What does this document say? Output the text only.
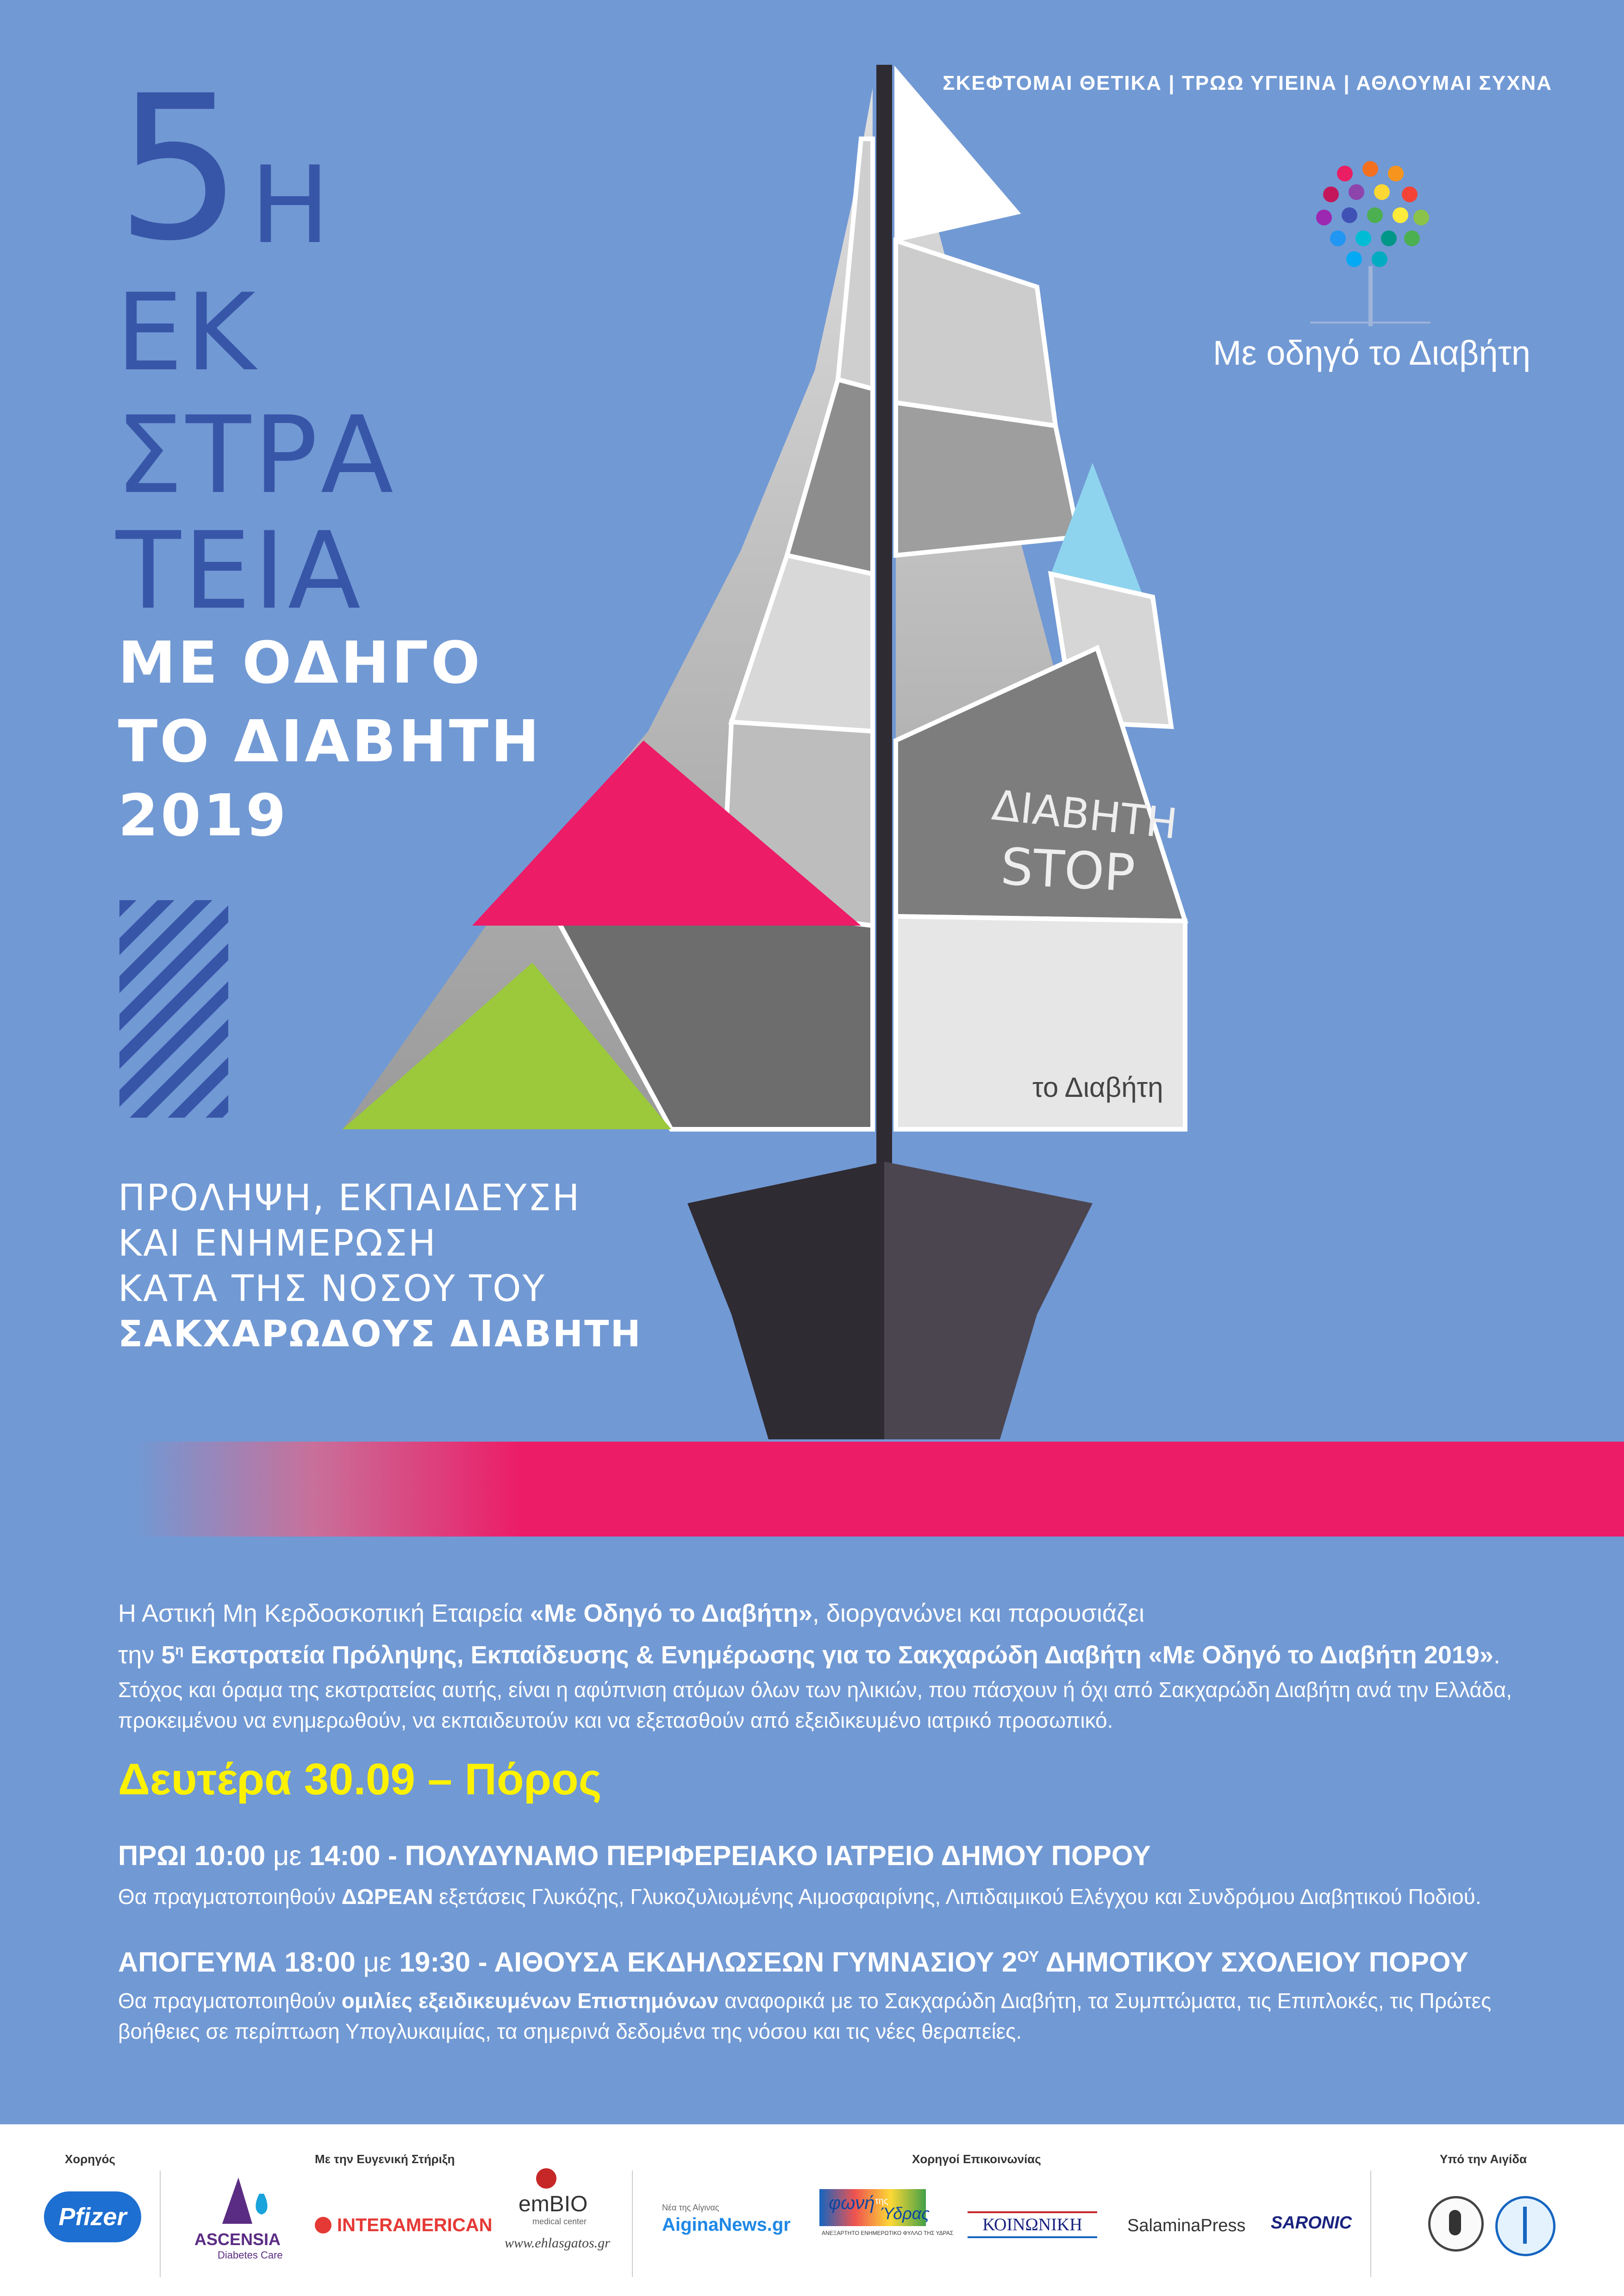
5 Η
ΕΚ
ΣΤΡΑ
ΤΕΙΑ
ΜΕ ΟΔΗΓΟ
ΤΟ ΔΙΑΒΗΤΗ
2019
ΠΡΟΛΗΨΗ, ΕΚΠΑΙΔΕΥΣΗ
ΚΑΙ ΕΝΗΜΕΡΩΣΗ
ΚΑΤΑ ΤΗΣ ΝΟΣΟΥ ΤΟΥ
ΣΑΚΧΑΡΩΔΟΥΣ ΔΙΑΒΗΤΗ
ΣΚΕΦΤΟΜΑΙ ΘΕΤΙΚΑ | ΤΡΩΩ ΥΓΙΕΙΝΑ | ΑΘΛΟΥΜΑΙ ΣΥΧΝΑ
Με οδηγό το Διαβήτη
ΔΙΑΒΗΤΗ
STOP
το Διαβήτη
Η Αστική Μη Κερδοσκοπική Εταιρεία «Με Οδηγό το Διαβήτη», διοργανώνει και παρουσιάζει
την $5^\eta$ Εκστρατεία Πρόληψης, Εκπαίδευσης & Ενημέρωσης για το Σακχαρώδη Διαβήτη «Με Οδηγό το Διαβήτη 2019».
Στόχος και όραμα της εκστρατείας αυτής, είναι η αφύπνιση ατόμων όλων των ηλικιών, που πάσχουν ή όχι από Σακχαρώδη Διαβήτη ανά την Ελλάδα, προκειμένου να ενημερωθούν, να εκπαιδευτούν και να εξετασθούν από εξειδικευμένο ιατρικό προσωπικό.
Δευτέρα 30.09 – Πόρος
ΠΡΩΙ 10:00 με 14:00 - ΠΟΛΥΔΥΝΑΜΟ ΠΕΡΙΦΕΡΕΙΑΚΟ ΙΑΤΡΕΙΟ ΔΗΜΟΥ ΠΟΡΟΥ
Θα πραγματοποιηθούν ΔΩΡΕΑΝ εξετάσεις Γλυκόζης, Γλυκοζυλιωμένης Αιμοσφαιρίνης, Λιπιδαιμικού Ελέγχου και Συνδρόμου Διαβητικού Ποδιού.
ΑΠΟΓΕΥΜΑ 18:00 με 19:30 - ΑΙΘΟΥΣΑ ΕΚΔΗΛΩΣΕΩΝ ΓΥΜΝΑΣΙΟΥ $2^{O\Upsilon}$ ΔΗΜΟΤΙΚΟΥ ΣΧΟΛΕΙΟΥ ΠΟΡΟΥ
Θα πραγματοποιηθούν ομιλίες εξειδικευμένων Επιστημόνων αναφορικά με το Σακχαρώδη Διαβήτη, τα Συμπτώματα, τις Επιπλοκές, τις Πρώτες βοήθειες σε περίπτωση Υπογλυκαιμίας, τα σημερινά δεδομένα της νόσου και τις νέες θεραπείες.
Χορηγός	Με την Ευγενική Στήριξη	Χορηγοί Επικοινωνίας	Υπό την Αιγίδα
Pfizer
ASCENSIA
Diabetes Care
INTERAMERICAN
emBIO
medical center
www.ehlasgatos.gr
Νέα της Αίγινας
AiginaNews.gr
φωνή της
Ύδρας
ΑΝΕΞΑΡΤΗΤΟ ΕΝΗΜΕΡΩΤΙΚΟ ΦΥΛΛΟ ΤΗΣ ΥΔΡΑΣ	ΚΟΙΝΩΝΙΚΗ	SalaminaPress SARONIC
